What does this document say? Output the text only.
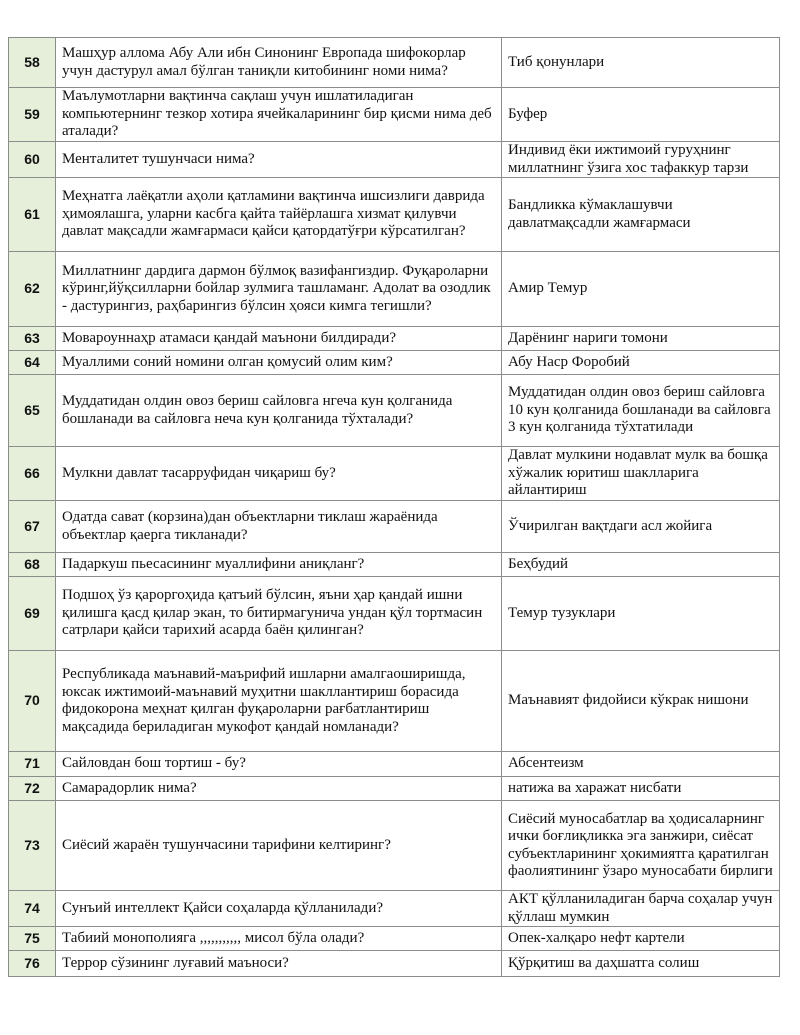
58	Машҳур аллома Абу Али ибн Синонинг Европада шифокорлар учун дастурул амал бўлган таниқли китобининг номи нима?	Тиб қонунлари
59	Маълумотларни вақтинча сақлаш учун ишлатиладиган компьютернинг тезкор хотира ячейкаларининг бир қисми нима деб аталади?	Буфер
60	Менталитет тушунчаси нима?	Индивид ёки ижтимоий гуруҳнинг миллатнинг ўзига хос тафаккур тарзи
61	Меҳнатга лаёқатли аҳоли қатламини вақтинча ишсизлиги даврида ҳимоялашга, уларни касбга қайта тайёрлашга хизмат қилувчи давлат мақсадли жамғармаси қайси қатордатўғри кўрсатилган?	Бандликка кўмаклашувчи давлатмақсадли жамғармаси
62	Миллатнинг дардига дармон бўлмоқ вазифангиздир. Фуқароларни кўринг,йўқсилларни бойлар зулмига ташламанг. Адолат ва озодлик - дастурингиз, раҳбарингиз бўлсин ҳояси кимга тегишли?	Амир Темур
63	Мовароуннаҳр атамаси қандай маънони билдиради?	Дарёнинг нариги томони
64	Муаллими соний номини олган қомусий олим ким?	Абу Наср Форобий
65	Муддатидан олдин овоз бериш сайловга нгеча кун қолганида бошланади ва сайловга неча кун қолганида тўхталади?	Муддатидан олдин овоз бериш сайловга 10 кун қолганида бошланади ва сайловга 3 кун қолганида тўхтатилади
66	Мулкни давлат тасарруфидан чиқариш бу?	Давлат мулкини нодавлат мулк ва бошқа хўжалик юритиш шаклларига айлантириш
67	Одатда сават (корзина)дан объектларни тиклаш жараёнида объектлар қаерга тикланади?	Ўчирилган вақтдаги асл жойига
68	Падаркуш пьесасининг муаллифини аниқланг?	Беҳбудий
69	Подшоҳ ўз қароргоҳида қатъий бўлсин, яъни ҳар қандай ишни қилишга қасд қилар экан, то битирмагунича ундан қўл тортмасин сатрлари қайси тарихий асарда баён қилинган?	Темур тузуклари
70	Республикада маънавий-маърифий ишларни амалгаоширишда, юксак ижтимоий-маънавий муҳитни шакллантириш борасида фидокорона меҳнат қилган фуқароларни рағбатлантириш мақсадида бериладиган мукофот қандай номланади?	Маънавият фидойиси кўкрак нишони
71	Сайловдан бош тортиш - бу?	Абсентеизм
72	Самарадорлик нима?	натижа ва харажат нисбати
73	Сиёсий жараён тушунчасини тарифини келтиринг?	Сиёсий муносабатлар ва ҳодисаларнинг ички боғлиқликка эга занжири, сиёсат субъектларининг ҳокимиятга қаратилган фаолиятининг ўзаро муносабати бирлиги
74	Сунъий интеллект Қайси соҳаларда қўлланилади?	АКТ қўлланиладиган барча соҳалар учун қўллаш мумкин
75	Табиий монополияга ,,,,,,,,,,, мисол бўла олади?	Опек-халқаро нефт картели
76	Террор сўзининг луғавий маъноси?	Қўрқитиш ва даҳшатга солиш
